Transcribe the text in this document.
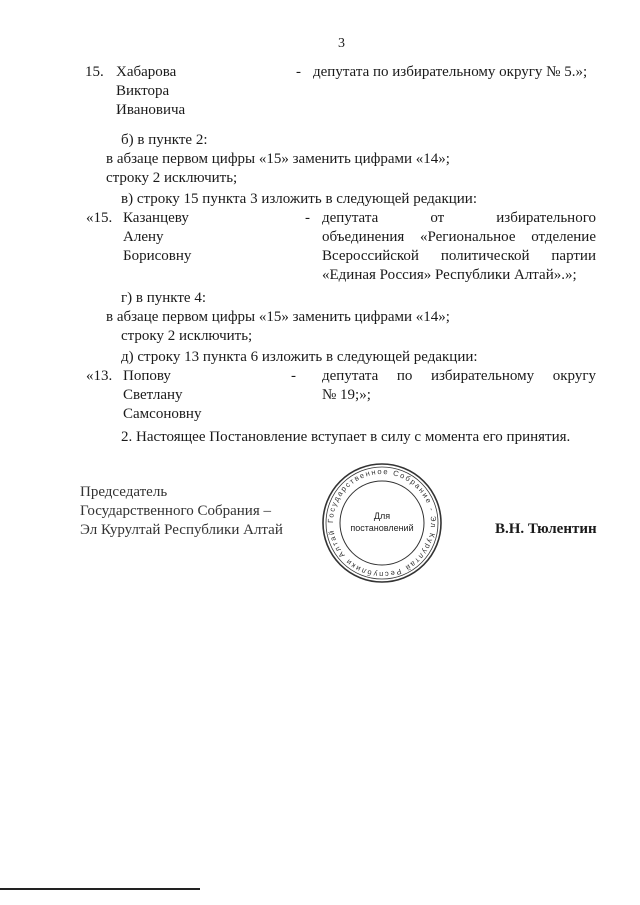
3
15. Хабарова
Виктора
Ивановича
- депутата по избирательному округу № 5.»;
б) в пункте 2:
в абзаце первом цифры «15» заменить цифрами «14»;
строку 2 исключить;
в) строку 15 пункта 3 изложить в следующей редакции:
«15. Казанцеву
Алену
Борисовну
- депутата от избирательного
объединения «Региональное отделение
Всероссийской политической партии
«Единая Россия» Республики Алтай».»;
г) в пункте 4:
в абзаце первом цифры «15» заменить цифрами «14»;
строку 2 исключить;
д) строку 13 пункта 6 изложить в следующей редакции:
«13. Попову
Светлану
Самсоновну
- депутата по избирательному округу
№ 19;»;
2. Настоящее Постановление вступает в силу с момента его принятия.
Председатель
Государственного Собрания –
Эл Курултай Республики Алтай
Государственное Собрание - Эл Курултай Республики Алтай
Для
постановлений	В.Н. Тюлентин
